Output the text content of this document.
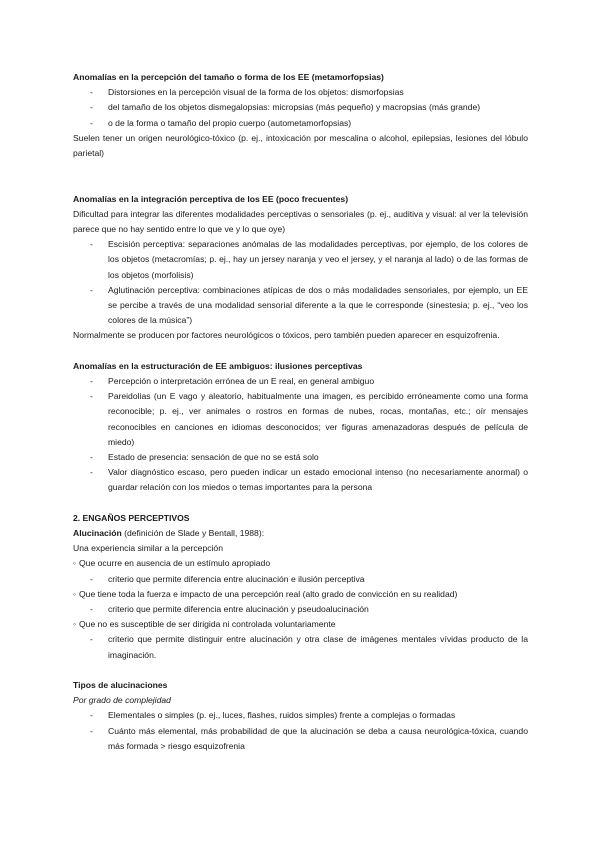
Anomalías en la percepción del tamaño o forma de los EE (metamorfopsias)

-	Distorsiones en la percepción visual de la forma de los objetos: dismorfopsias
-	del tamaño de los objetos dismegalopsias: micropsias (más pequeño) y macropsias (más grande)
-	o de la forma o tamaño del propio cuerpo (autometamorfopsias)

Suelen tener un origen neurológico-tóxico (p. ej., intoxicación por mescalina o alcohol, epilepsias, lesiones del lóbulo parietal)

Anomalías en la integración perceptiva de los EE (poco frecuentes)

Dificultad para integrar las diferentes modalidades perceptivas o sensoriales (p. ej., auditiva y visual: al ver la televisión parece que no hay sentido entre lo que ve y lo que oye)

-	Escisión perceptiva: separaciones anómalas de las modalidades perceptivas, por ejemplo, de los colores de los objetos (metacromías; p. ej., hay un jersey naranja y veo el jersey, y el naranja al lado) o de las formas de los objetos (morfolisis)
-	Aglutinación perceptiva: combinaciones atípicas de dos o más modalidades sensoriales, por ejemplo, un EE se percibe a través de una modalidad sensorial diferente a la que le corresponde (sinestesia; p. ej., “veo los colores de la música”)

Normalmente se producen por factores neurológicos o tóxicos, pero también pueden aparecer en esquizofrenia.

Anomalías en la estructuración de EE ambiguos: ilusiones perceptivas

-	Percepción o interpretación errónea de un E real, en general ambiguo
-	Pareidolias (un E vago y aleatorio, habitualmente una imagen, es percibido erróneamente como una forma reconocible; p. ej., ver animales o rostros en formas de nubes, rocas, montañas, etc.; oír mensajes reconocibles en canciones en idiomas desconocidos; ver figuras amenazadoras después de película de miedo)
-	Estado de presencia: sensación de que no se está solo
-	Valor diagnóstico escaso, pero pueden indicar un estado emocional intenso (no necesariamente anormal) o guardar relación con los miedos o temas importantes para la persona

2. ENGAÑOS PERCEPTIVOS

Alucinación (definición de Slade y Bentall, 1988):

Una experiencia similar a la percepción

◦ Que ocurre en ausencia de un estímulo apropiado
-	criterio que permite diferencia entre alucinación e ilusión perceptiva
◦ Que tiene toda la fuerza e impacto de una percepción real (alto grado de convicción en su realidad)
-	criterio que permite diferencia entre alucinación y pseudoalucinación
◦ Que no es susceptible de ser dirigida ni controlada voluntariamente
-	criterio que permite distinguir entre alucinación y otra clase de imágenes mentales vívidas producto de la imaginación.

Tipos de alucinaciones

Por grado de complejidad

-	Elementales o simples (p. ej., luces, flashes, ruidos simples) frente a complejas o formadas
-	Cuánto más elemental, más probabilidad de que la alucinación se deba a causa neurológica-tóxica, cuando más formada > riesgo esquizofrenia
